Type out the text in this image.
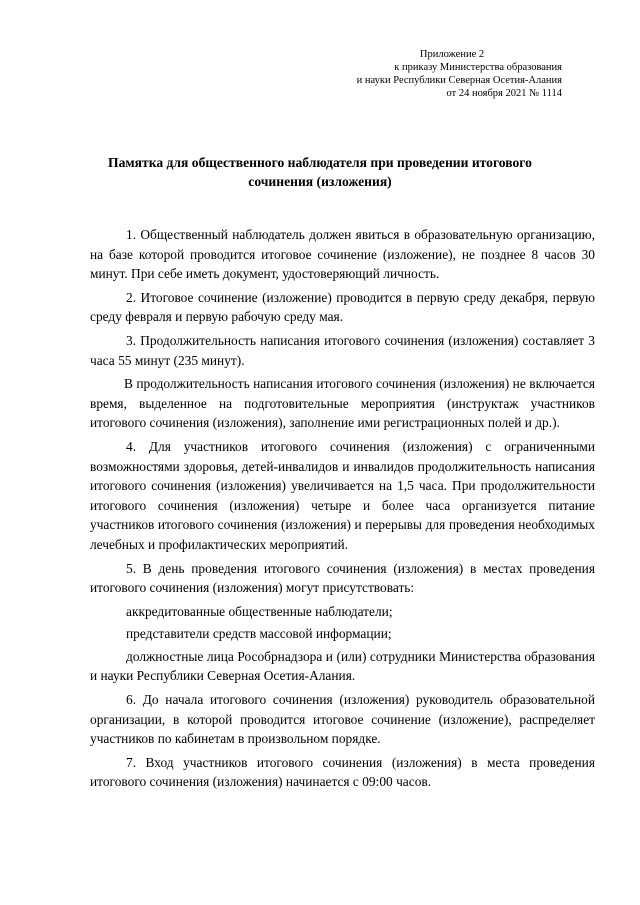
Приложение 2
к приказу Министерства образования
и науки Республики Северная Осетия-Алания
от 24 ноября 2021 № 1114
Памятка для общественного наблюдателя при проведении итогового
сочинения (изложения)

1. Общественный наблюдатель должен явиться в образовательную организацию, на базе которой проводится итоговое сочинение (изложение), не позднее 8 часов 30 минут. При себе иметь документ, удостоверяющий личность.

2. Итоговое сочинение (изложение) проводится в первую среду декабря, первую среду февраля и первую рабочую среду мая.

3. Продолжительность написания итогового сочинения (изложения) составляет 3 часа 55 минут (235 минут).

В продолжительность написания итогового сочинения (изложения) не включается время, выделенное на подготовительные мероприятия (инструктаж участников итогового сочинения (изложения), заполнение ими регистрационных полей и др.).

4. Для участников итогового сочинения (изложения) с ограниченными возможностями здоровья, детей-инвалидов и инвалидов продолжительность написания итогового сочинения (изложения) увеличивается на 1,5 часа. При продолжительности итогового сочинения (изложения) четыре и более часа организуется питание участников итогового сочинения (изложения) и перерывы для проведения необходимых лечебных и профилактических мероприятий.

5. В день проведения итогового сочинения (изложения) в местах проведения итогового сочинения (изложения) могут присутствовать:

аккредитованные общественные наблюдатели;

представители средств массовой информации;

должностные лица Рособрнадзора и (или) сотрудники Министерства образования и науки Республики Северная Осетия-Алания.

6. До начала итогового сочинения (изложения) руководитель образовательной организации, в которой проводится итоговое сочинение (изложение), распределяет участников по кабинетам в произвольном порядке.

7. Вход участников итогового сочинения (изложения) в места проведения итогового сочинения (изложения) начинается с 09:00 часов.
